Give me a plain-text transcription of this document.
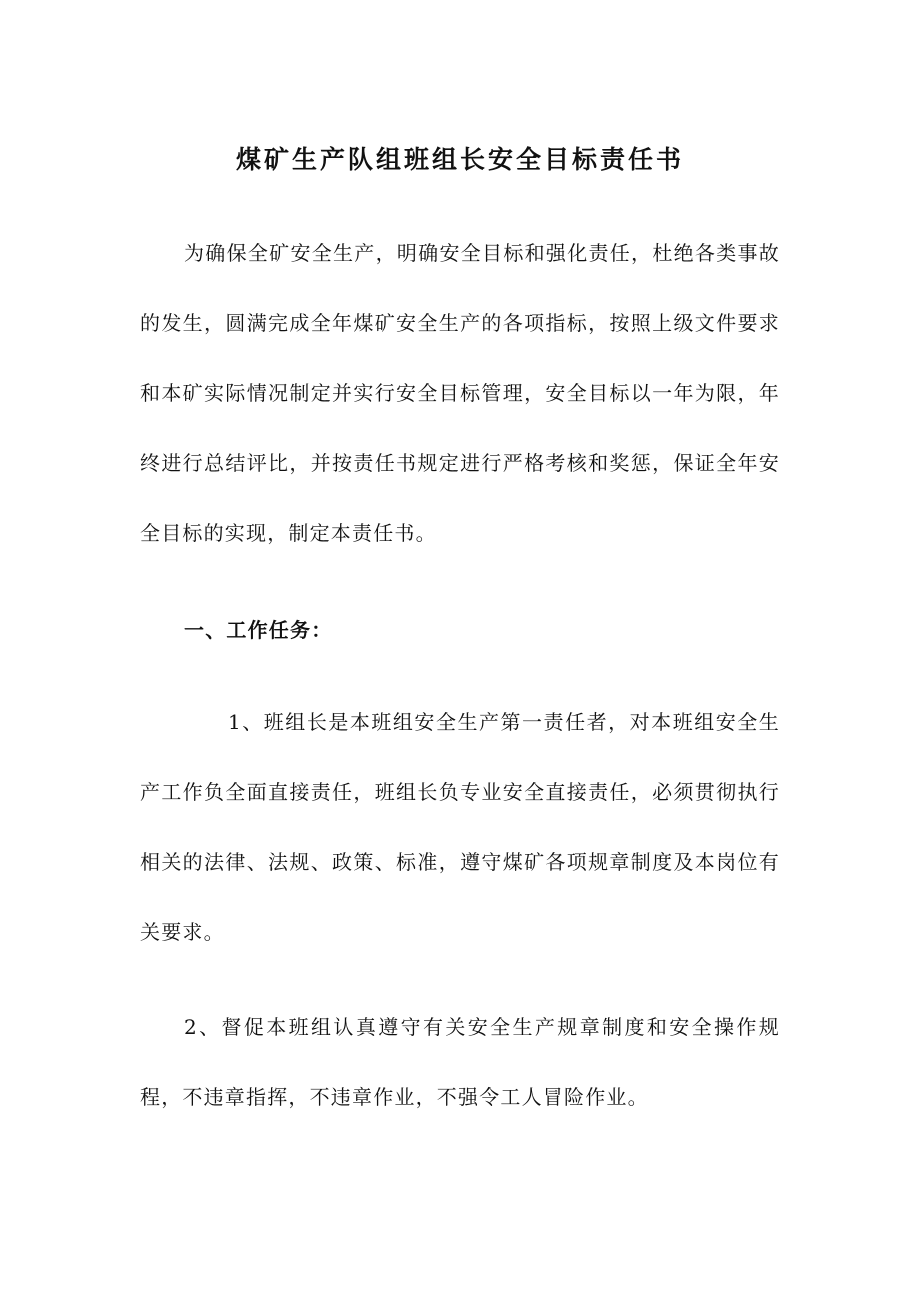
煤矿生产队组班组长安全目标责任书

为确保全矿安全生产，明确安全目标和强化责任，杜绝各类事故的发生，圆满完成全年煤矿安全生产的各项指标，按照上级文件要求和本矿实际情况制定并实行安全目标管理，安全目标以一年为限，年终进行总结评比，并按责任书规定进行严格考核和奖惩，保证全年安全目标的实现，制定本责任书。

一、工作任务：

1、班组长是本班组安全生产第一责任者，对本班组安全生产工作负全面直接责任，班组长负专业安全直接责任，必须贯彻执行相关的法律、法规、政策、标准，遵守煤矿各项规章制度及本岗位有关要求。

2、督促本班组认真遵守有关安全生产规章制度和安全操作规程，不违章指挥，不违章作业，不强令工人冒险作业。
